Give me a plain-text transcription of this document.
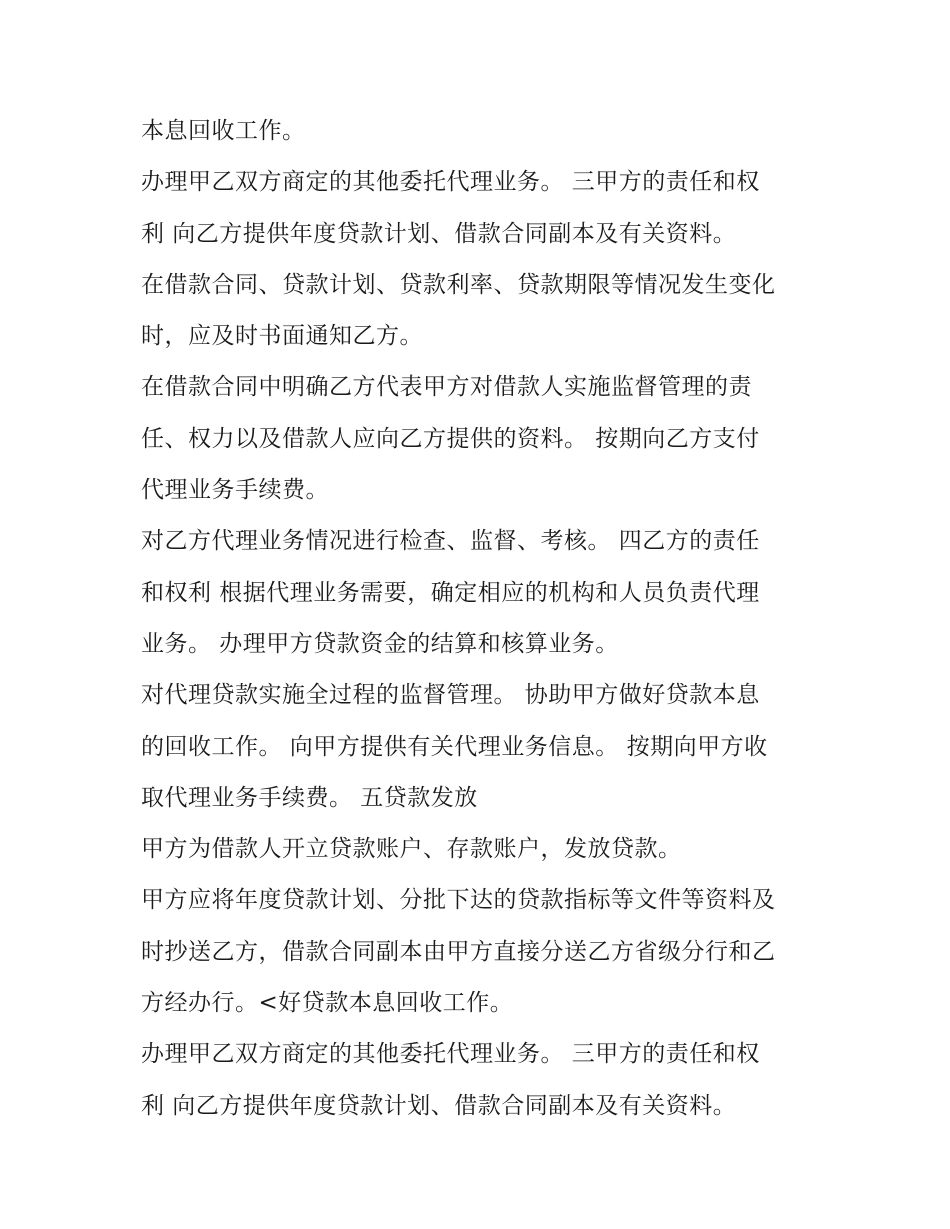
本息回收工作。
办理甲乙双方商定的其他委托代理业务。 三甲方的责任和权
利 向乙方提供年度贷款计划、借款合同副本及有关资料。
在借款合同、贷款计划、贷款利率、贷款期限等情况发生变化
时，应及时书面通知乙方。
在借款合同中明确乙方代表甲方对借款人实施监督管理的责
任、权力以及借款人应向乙方提供的资料。 按期向乙方支付
代理业务手续费。
对乙方代理业务情况进行检查、监督、考核。 四乙方的责任
和权利 根据代理业务需要，确定相应的机构和人员负责代理
业务。 办理甲方贷款资金的结算和核算业务。
对代理贷款实施全过程的监督管理。 协助甲方做好贷款本息
的回收工作。 向甲方提供有关代理业务信息。 按期向甲方收
取代理业务手续费。 五贷款发放
甲方为借款人开立贷款账户、存款账户，发放贷款。
甲方应将年度贷款计划、分批下达的贷款指标等文件等资料及
时抄送乙方，借款合同副本由甲方直接分送乙方省级分行和乙
方经办行。<好贷款本息回收工作。
办理甲乙双方商定的其他委托代理业务。 三甲方的责任和权
利 向乙方提供年度贷款计划、借款合同副本及有关资料。
